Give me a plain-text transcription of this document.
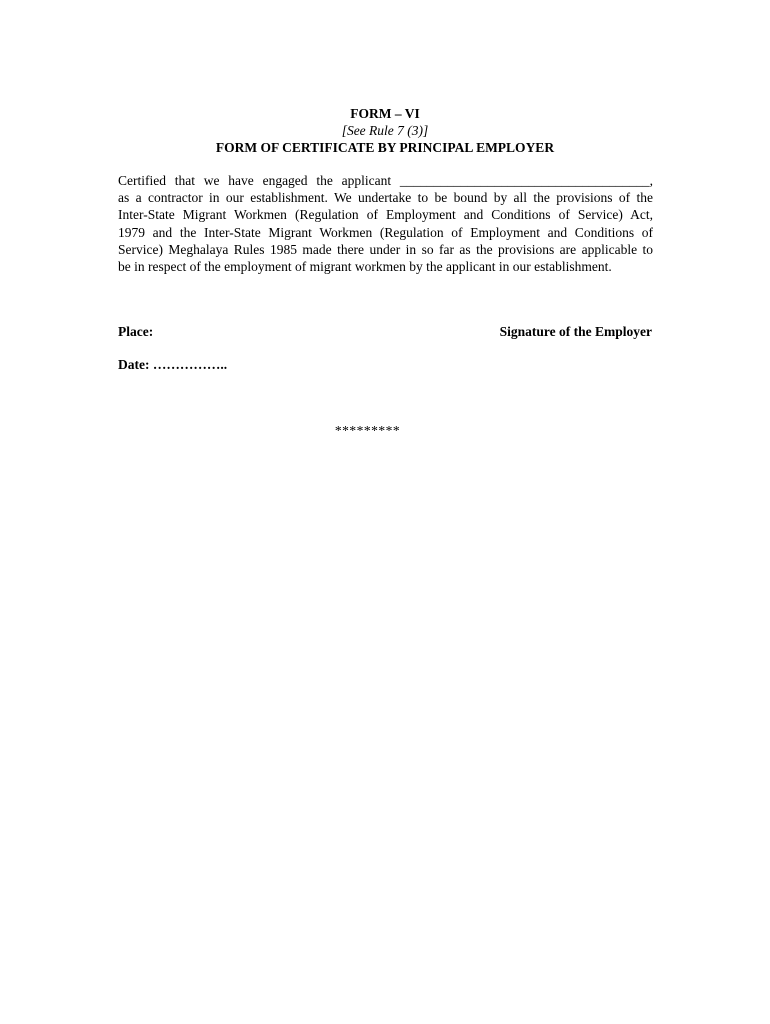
FORM – VI
[See Rule 7 (3)]
FORM OF CERTIFICATE BY PRINCIPAL EMPLOYER
Certified that we have engaged the applicant _____________________________________,
as a contractor in our establishment. We undertake to be bound by all the provisions of the
Inter-State Migrant Workmen (Regulation of Employment and Conditions of Service) Act,
1979 and the Inter-State Migrant Workmen (Regulation of Employment and Conditions of
Service) Meghalaya Rules 1985 made there under in so far as the provisions are applicable to
be in respect of the employment of migrant workmen by the applicant in our establishment.
Place:	Signature of the Employer
Date: ……………..
*********
